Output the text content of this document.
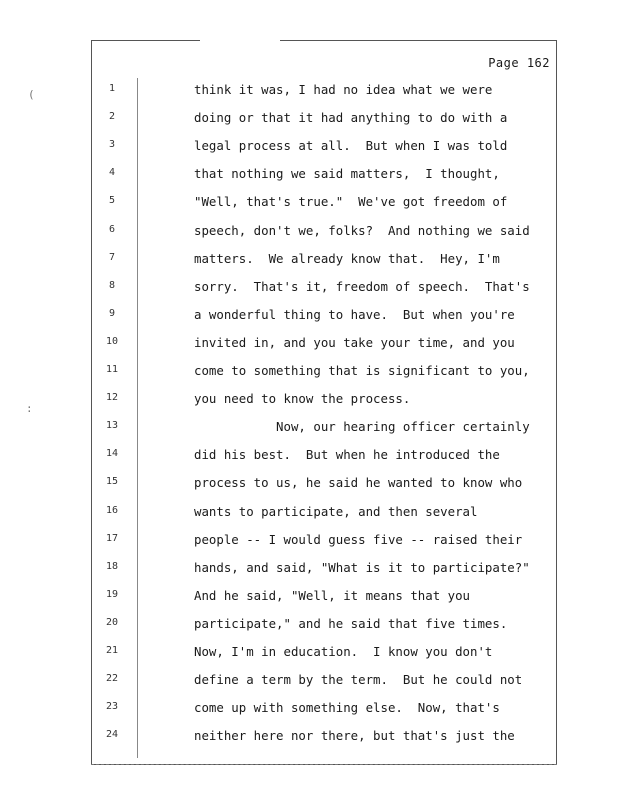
(
:
Page 162
1	think it was, I had no idea what we were
2	doing or that it had anything to do with a
3	legal process at all.  But when I was told
4	that nothing we said matters,  I thought,
5	"Well, that's true."  We've got freedom of
6	speech, don't we, folks?  And nothing we said
7	matters.  We already know that.  Hey, I'm
8	sorry.  That's it, freedom of speech.  That's
9	a wonderful thing to have.  But when you're
10	invited in, and you take your time, and you
11	come to something that is significant to you,
12	you need to know the process.
13	Now, our hearing officer certainly
14	did his best.  But when he introduced the
15	process to us, he said he wanted to know who
16	wants to participate, and then several
17	people -- I would guess five -- raised their
18	hands, and said, "What is it to participate?"
19	And he said, "Well, it means that you
20	participate," and he said that five times.
21	Now, I'm in education.  I know you don't
22	define a term by the term.  But he could not
23	come up with something else.  Now, that's
24	neither here nor there, but that's just the
